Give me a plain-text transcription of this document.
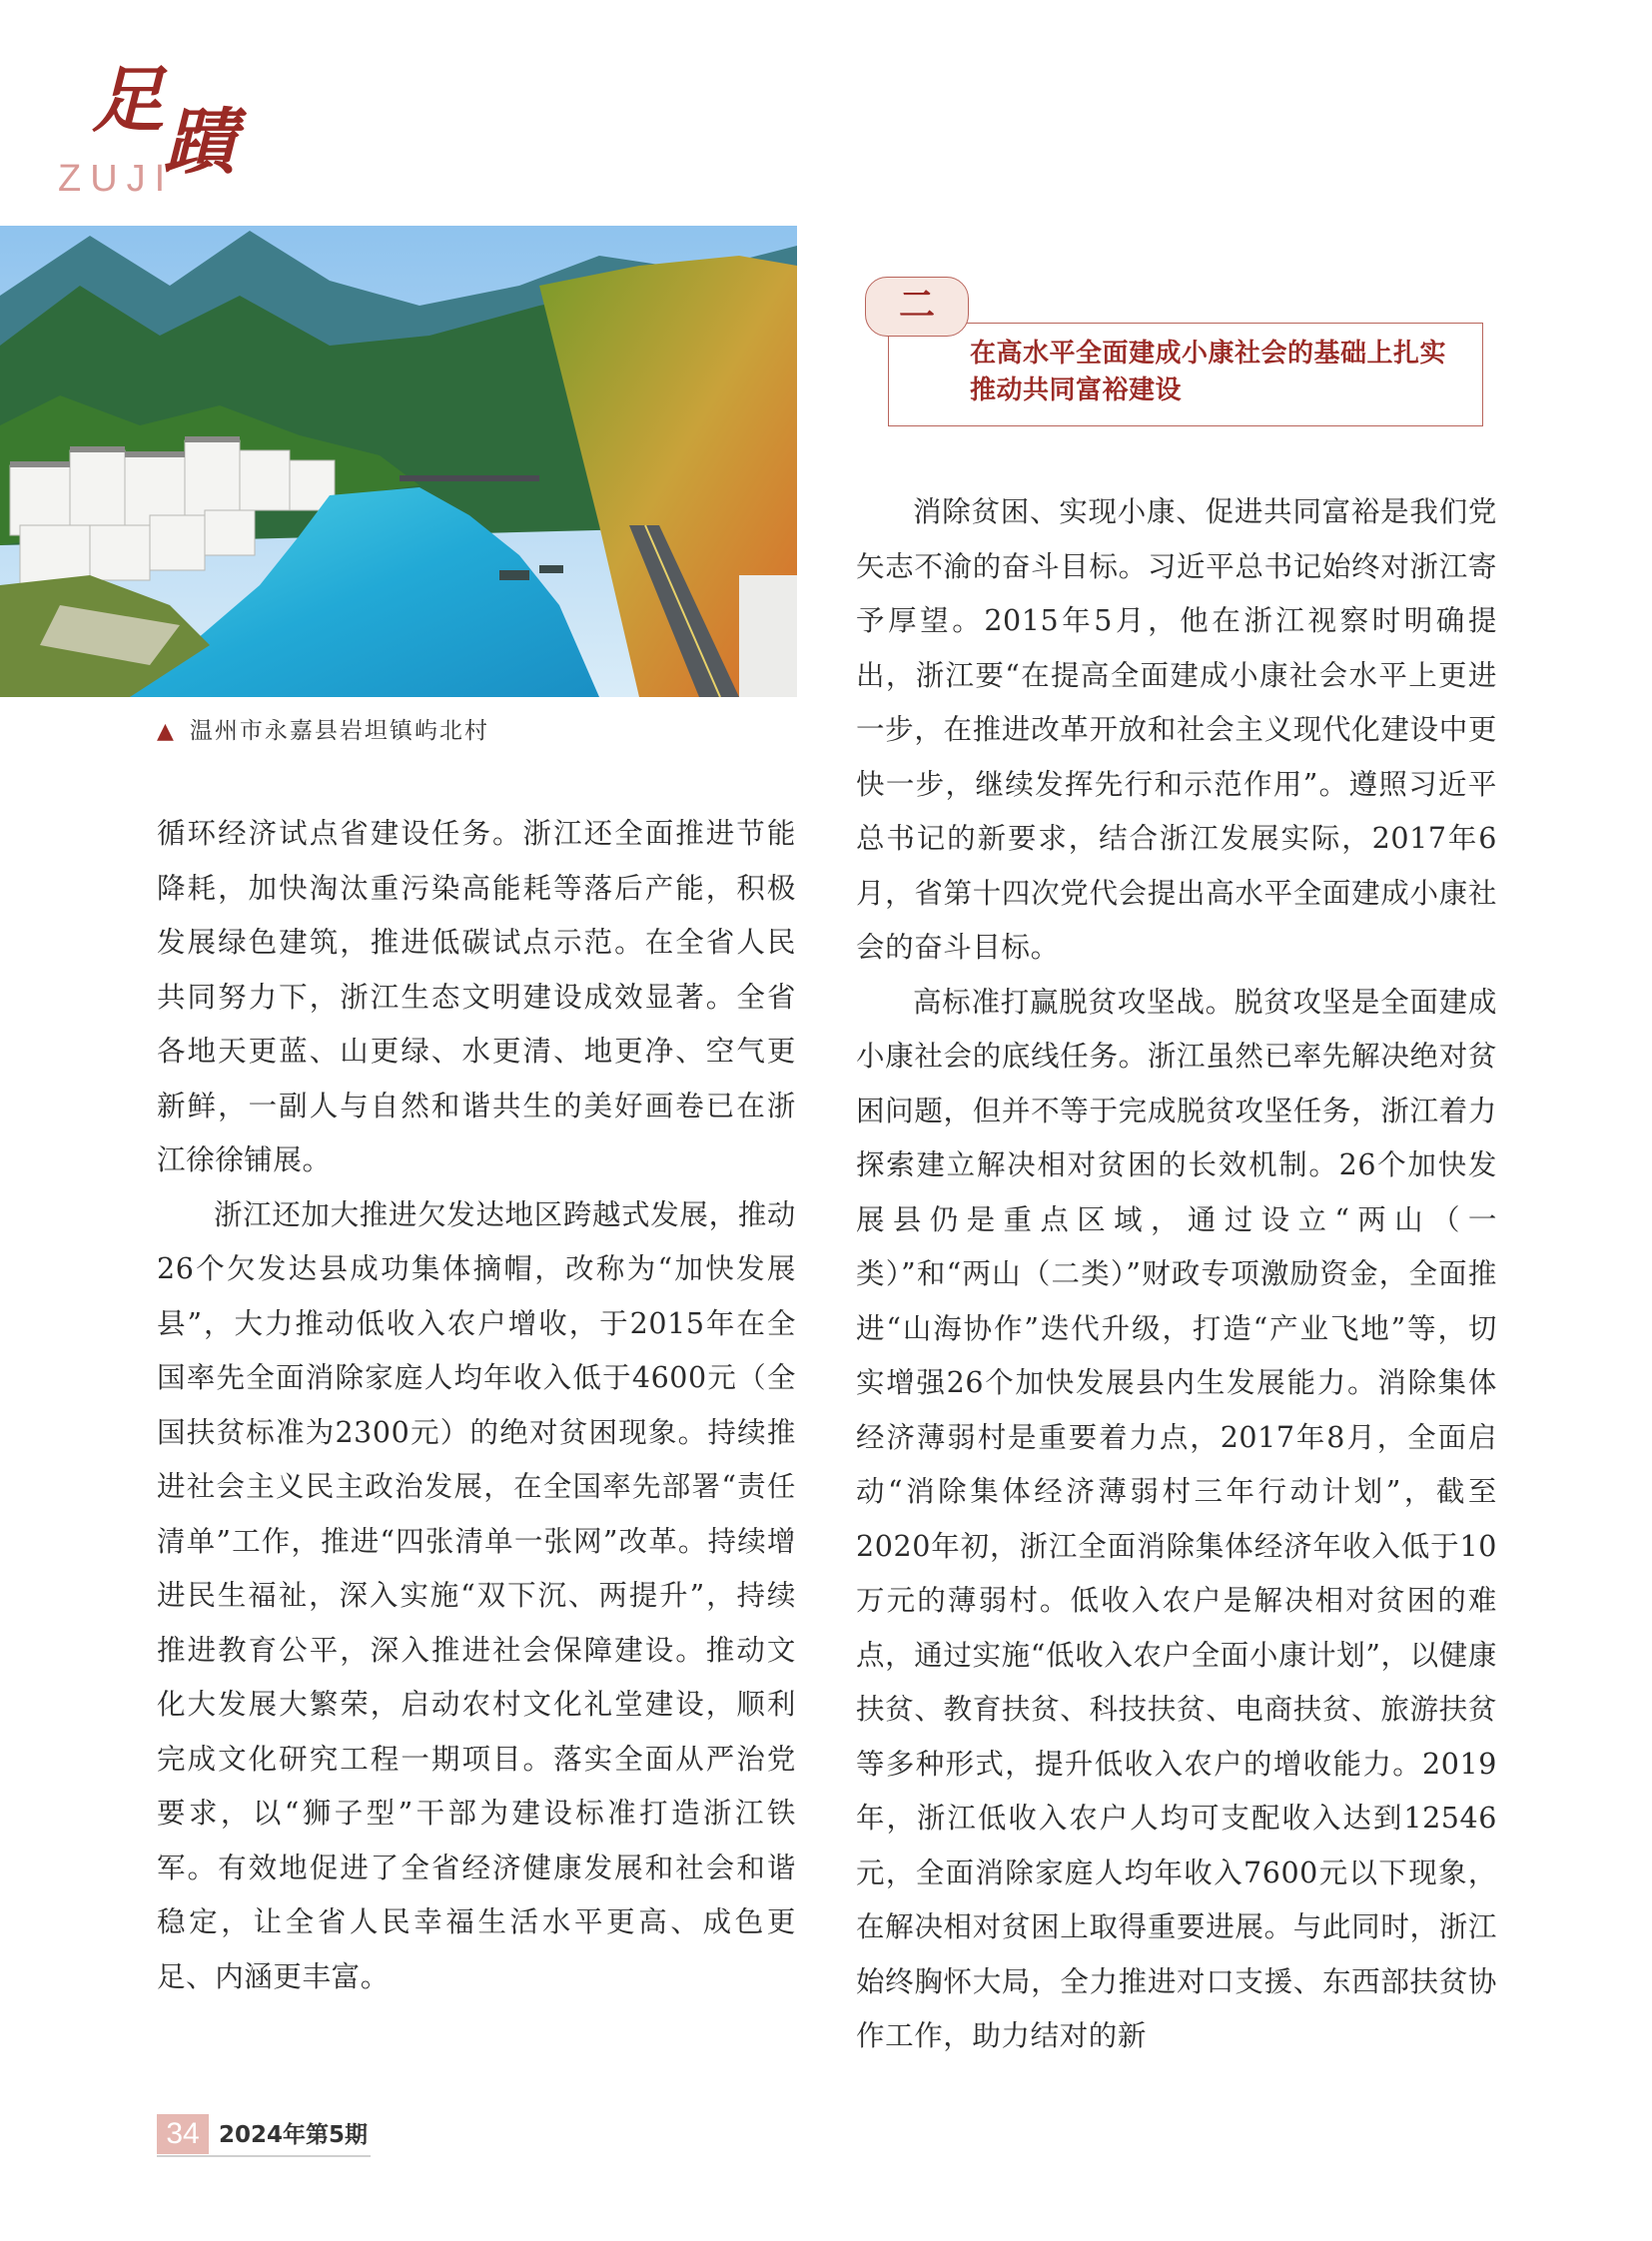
足蹟
ZUJI
▲ 温州市永嘉县岩坦镇屿北村

循环经济试点省建设任务。浙江还全面推进节能降耗，加快淘汰重污染高能耗等落后产能，积极发展绿色建筑，推进低碳试点示范。在全省人民共同努力下，浙江生态文明建设成效显著。全省各地天更蓝、山更绿、水更清、地更净、空气更新鲜，一副人与自然和谐共生的美好画卷已在浙江徐徐铺展。

浙江还加大推进欠发达地区跨越式发展，推动26个欠发达县成功集体摘帽，改称为“加快发展县”，大力推动低收入农户增收，于2015年在全国率先全面消除家庭人均年收入低于4600元（全国扶贫标准为2300元）的绝对贫困现象。持续推进社会主义民主政治发展，在全国率先部署“责任清单”工作，推进“四张清单一张网”改革。持续增进民生福祉，深入实施“双下沉、两提升”，持续推进教育公平，深入推进社会保障建设。推动文化大发展大繁荣，启动农村文化礼堂建设，顺利完成文化研究工程一期项目。落实全面从严治党要求，以“狮子型”干部为建设标准打造浙江铁军。有效地促进了全省经济健康发展和社会和谐稳定，让全省人民幸福生活水平更高、成色更足、内涵更丰富。

二
在高水平全面建成小康社会的基础上扎实推动共同富裕建设

消除贫困、实现小康、促进共同富裕是我们党矢志不渝的奋斗目标。习近平总书记始终对浙江寄予厚望。2015年5月，他在浙江视察时明确提出，浙江要“在提高全面建成小康社会水平上更进一步，在推进改革开放和社会主义现代化建设中更快一步，继续发挥先行和示范作用”。遵照习近平总书记的新要求，结合浙江发展实际，2017年6月，省第十四次党代会提出高水平全面建成小康社会的奋斗目标。

高标准打赢脱贫攻坚战。脱贫攻坚是全面建成小康社会的底线任务。浙江虽然已率先解决绝对贫困问题，但并不等于完成脱贫攻坚任务，浙江着力探索建立解决相对贫困的长效机制。26个加快发展县仍是重点区域，通过设立“两山（一类）”和“两山（二类）”财政专项激励资金，全面推进“山海协作”迭代升级，打造“产业飞地”等，切实增强26个加快发展县内生发展能力。消除集体经济薄弱村是重要着力点，2017年8月，全面启动“消除集体经济薄弱村三年行动计划”，截至2020年初，浙江全面消除集体经济年收入低于10万元的薄弱村。低收入农户是解决相对贫困的难点，通过实施“低收入农户全面小康计划”，以健康扶贫、教育扶贫、科技扶贫、电商扶贫、旅游扶贫等多种形式，提升低收入农户的增收能力。2019年，浙江低收入农户人均可支配收入达到12546元，全面消除家庭人均年收入7600元以下现象，在解决相对贫困上取得重要进展。与此同时，浙江始终胸怀大局，全力推进对口支援、东西部扶贫协作工作，助力结对的新

34 2024年第5期
